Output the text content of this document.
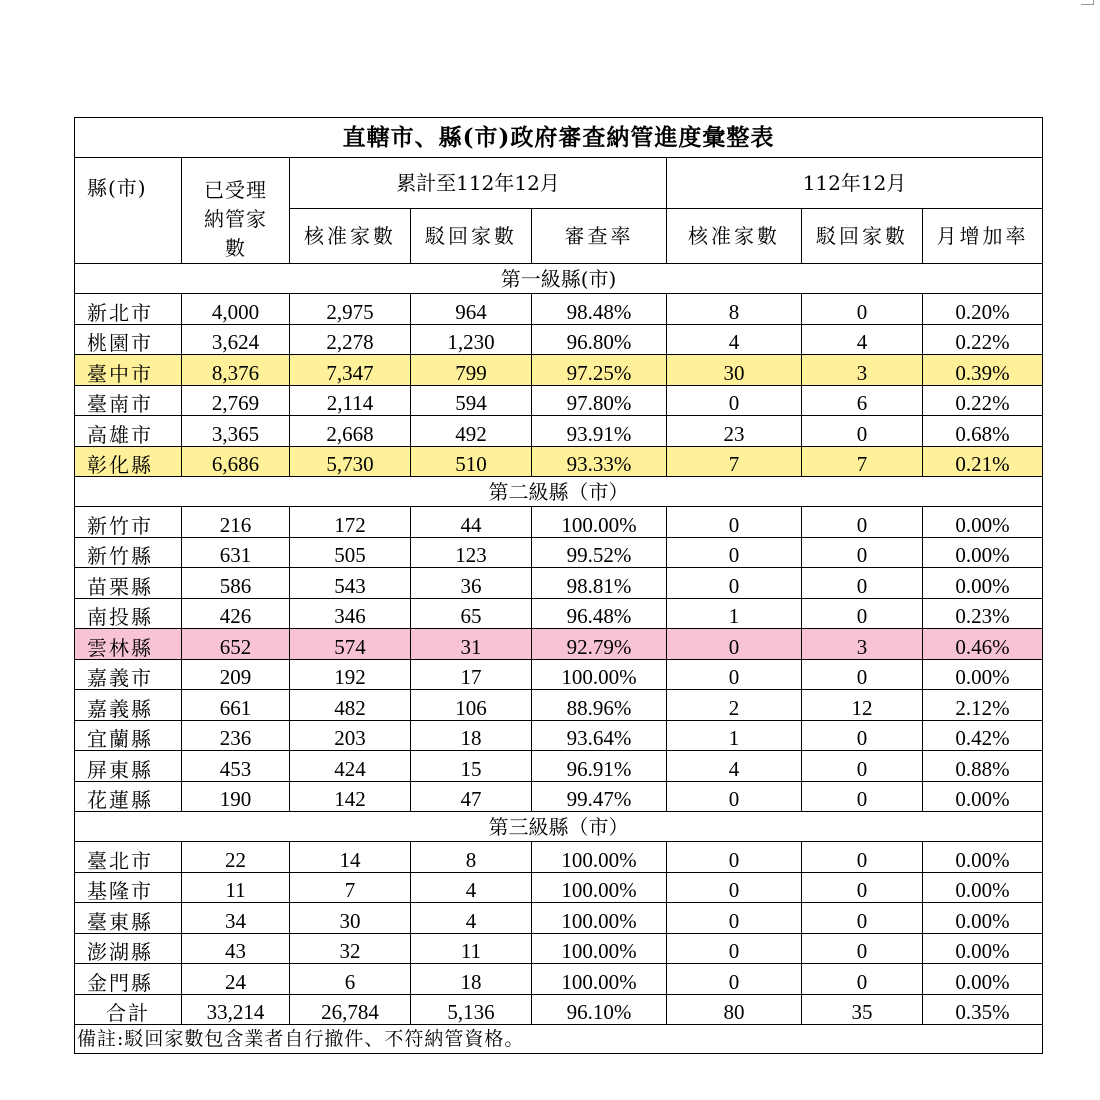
直轄市、縣(市)政府審查納管進度彙整表							
縣(市)	已受理納管家數	累計至112年12月			112年12月		
		核准家數	駁回家數	審查率	核准家數	駁回家數	月增加率
第一級縣(市)							
新北市	4,000	2,975	964	98.48%	8	0	0.20%
桃園市	3,624	2,278	1,230	96.80%	4	4	0.22%
臺中市	8,376	7,347	799	97.25%	30	3	0.39%
臺南市	2,769	2,114	594	97.80%	0	6	0.22%
高雄市	3,365	2,668	492	93.91%	23	0	0.68%
彰化縣	6,686	5,730	510	93.33%	7	7	0.21%
第二級縣（市）							
新竹市	216	172	44	100.00%	0	0	0.00%
新竹縣	631	505	123	99.52%	0	0	0.00%
苗栗縣	586	543	36	98.81%	0	0	0.00%
南投縣	426	346	65	96.48%	1	0	0.23%
雲林縣	652	574	31	92.79%	0	3	0.46%
嘉義市	209	192	17	100.00%	0	0	0.00%
嘉義縣	661	482	106	88.96%	2	12	2.12%
宜蘭縣	236	203	18	93.64%	1	0	0.42%
屏東縣	453	424	15	96.91%	4	0	0.88%
花蓮縣	190	142	47	99.47%	0	0	0.00%
第三級縣（市）							
臺北市	22	14	8	100.00%	0	0	0.00%
基隆市	11	7	4	100.00%	0	0	0.00%
臺東縣	34	30	4	100.00%	0	0	0.00%
澎湖縣	43	32	11	100.00%	0	0	0.00%
金門縣	24	6	18	100.00%	0	0	0.00%
合計	33,214	26,784	5,136	96.10%	80	35	0.35%
備註:駁回家數包含業者自行撤件、不符納管資格。							
